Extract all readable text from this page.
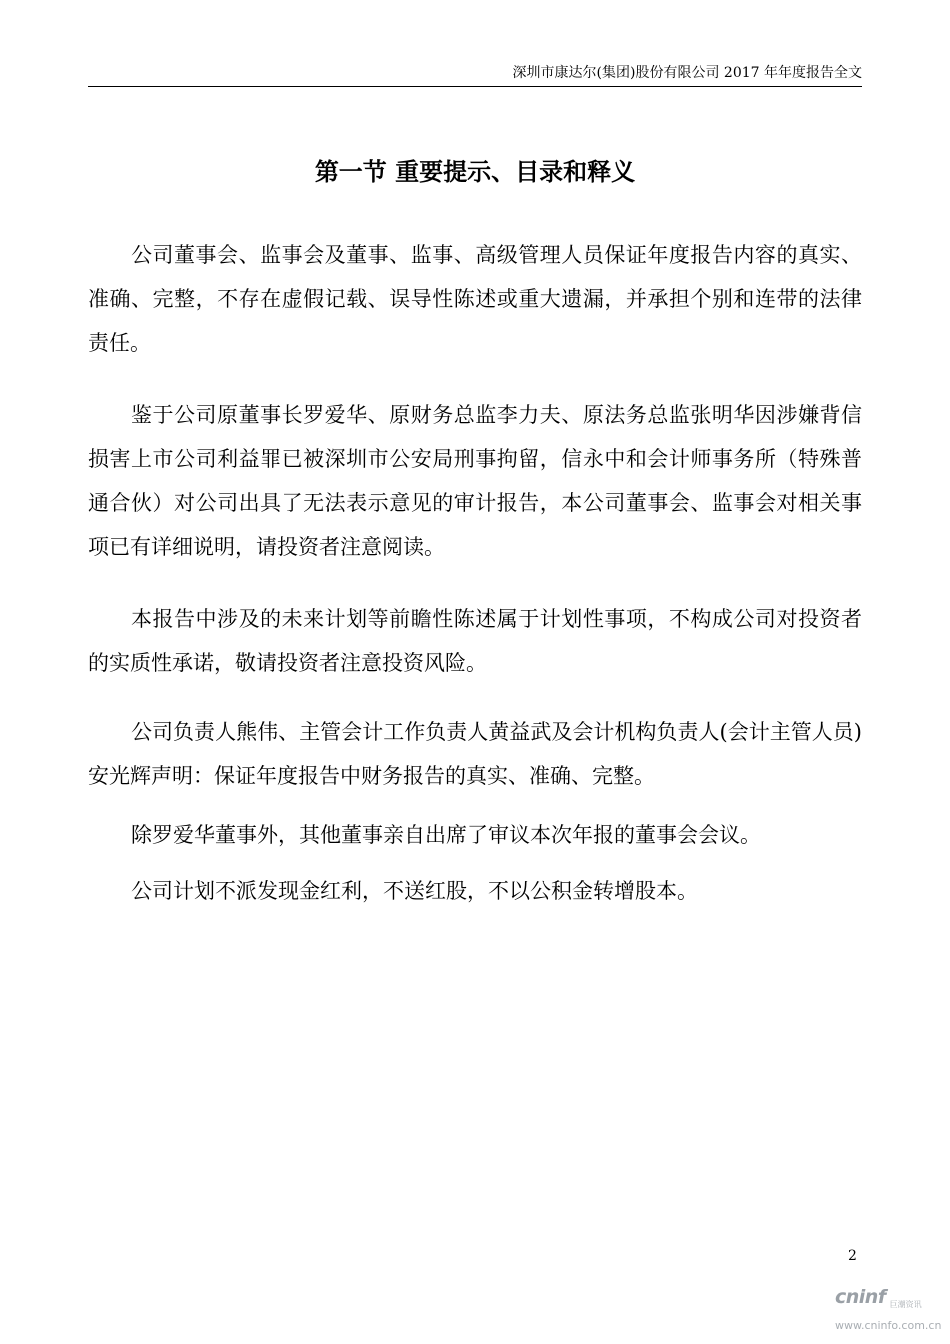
深圳市康达尔(集团)股份有限公司 2017 年年度报告全文
第一节 重要提示、目录和释义

公司董事会、监事会及董事、监事、高级管理人员保证年度报告内容的真实、准确、完整，不存在虚假记载、误导性陈述或重大遗漏，并承担个别和连带的法律责任。

鉴于公司原董事长罗爱华、原财务总监李力夫、原法务总监张明华因涉嫌背信损害上市公司利益罪已被深圳市公安局刑事拘留，信永中和会计师事务所（特殊普通合伙）对公司出具了无法表示意见的审计报告，本公司董事会、监事会对相关事项已有详细说明，请投资者注意阅读。

本报告中涉及的未来计划等前瞻性陈述属于计划性事项，不构成公司对投资者的实质性承诺，敬请投资者注意投资风险。

公司负责人熊伟、主管会计工作负责人黄益武及会计机构负责人(会计主管人员)安光辉声明：保证年度报告中财务报告的真实、准确、完整。

除罗爱华董事外，其他董事亲自出席了审议本次年报的董事会会议。

公司计划不派发现金红利，不送红股，不以公积金转增股本。

2
cninf 巨潮资讯
www.cninfo.com.cn
